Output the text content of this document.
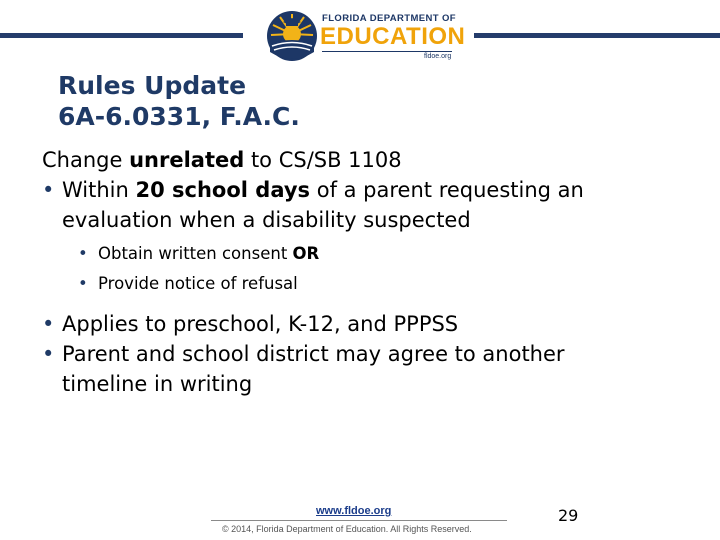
FLORIDA DEPARTMENT OF
EDUCATION
fldoe.org
Rules Update
6A-6.0331, F.A.C.
Change unrelated to CS/SB 1108
• Within 20 school days of a parent requesting an
evaluation when a disability suspected
• Obtain written consent OR
• Provide notice of refusal
• Applies to preschool, K-12, and PPPSS
• Parent and school district may agree to another
timeline in writing
www.fldoe.org
© 2014, Florida Department of Education. All Rights Reserved.
29
